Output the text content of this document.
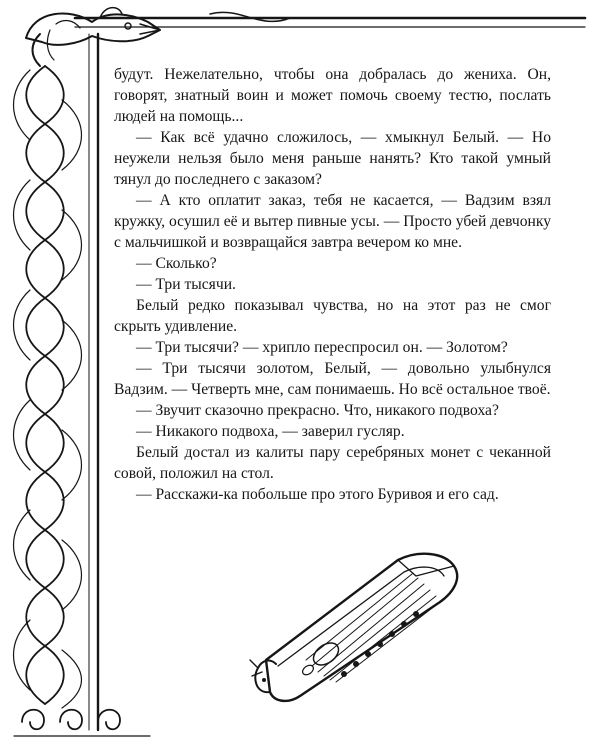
будут. Нежелательно, чтобы она добралась до жениха. Он, говорят, знатный воин и может помочь своему тестю, послать людей на помощь...

— Как всё удачно сложилось, — хмыкнул Белый. — Но неужели нельзя было меня раньше нанять? Кто такой умный тянул до последнего с заказом?

— А кто оплатит заказ, тебя не касается, — Вадзим взял кружку, осушил её и вытер пивные усы. — Просто убей девчонку с мальчишкой и возвращайся завтра вечером ко мне.

— Сколько?

— Три тысячи.

Белый редко показывал чувства, но на этот раз не смог скрыть удивление.

— Три тысячи? — хрипло переспросил он. — Золотом?

— Три тысячи золотом, Белый, — довольно улыбнулся Вадзим. — Четверть мне, сам понимаешь. Но всё остальное твоё.

— Звучит сказочно прекрасно. Что, никакого подвоха?

— Никакого подвоха, — заверил гусляр.

Белый достал из калиты пару серебряных монет с чеканной совой, положил на стол.

— Расскажи-ка побольше про этого Буривоя и его сад.
